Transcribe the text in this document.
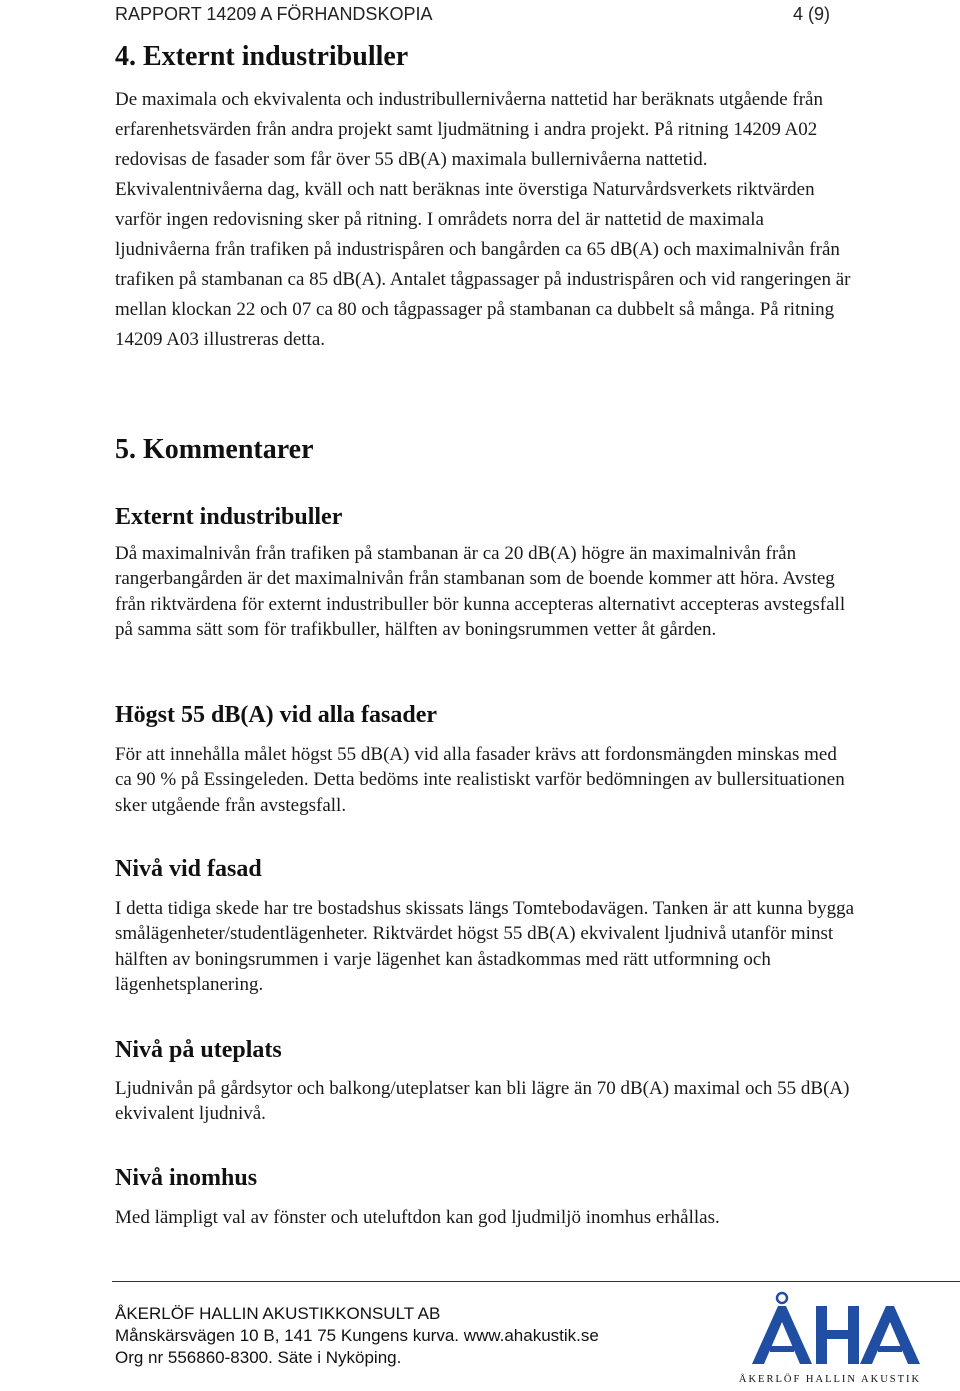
RAPPORT 14209 A FÖRHANDSKOPIA	4 (9)
4. Externt industribuller

De maximala och ekvivalenta och industribullernivåerna nattetid har beräknats utgående från erfarenhetsvärden från andra projekt samt ljudmätning i andra projekt. På ritning 14209 A02 redovisas de fasader som får över 55 dB(A) maximala bullernivåerna nattetid. Ekvivalentnivåerna dag, kväll och natt beräknas inte överstiga Naturvårdsverkets riktvärden varför ingen redovisning sker på ritning. I områdets norra del är nattetid de maximala ljudnivåerna från trafiken på industrispåren och bangården ca 65 dB(A) och maximalnivån från trafiken på stambanan ca 85 dB(A). Antalet tågpassager på industrispåren och vid rangeringen är mellan klockan 22 och 07 ca 80 och tågpassager på stambanan ca dubbelt så många. På ritning 14209 A03 illustreras detta.

5. Kommentarer
Externt industribuller

Då maximalnivån från trafiken på stambanan är ca 20 dB(A) högre än maximalnivån från rangerbangården är det maximalnivån från stambanan som de boende kommer att höra. Avsteg från riktvärdena för externt industribuller bör kunna accepteras alternativt accepteras avstegsfall på samma sätt som för trafikbuller, hälften av boningsrummen vetter åt gården.

Högst 55 dB(A) vid alla fasader

För att innehålla målet högst 55 dB(A) vid alla fasader krävs att fordonsmängden minskas med ca 90 % på Essingeleden. Detta bedöms inte realistiskt varför bedömningen av bullersituationen sker utgående från avstegsfall.

Nivå vid fasad

I detta tidiga skede har tre bostadshus skissats längs Tomtebodavägen. Tanken är att kunna bygga smålägenheter/studentlägenheter. Riktvärdet högst 55 dB(A) ekvivalent ljudnivå utanför minst hälften av boningsrummen i varje lägenhet kan åstadkommas med rätt utformning och lägenhetsplanering.

Nivå på uteplats

Ljudnivån på gårdsytor och balkong/uteplatser kan bli lägre än 70 dB(A) maximal och 55 dB(A) ekvivalent ljudnivå.

Nivå inomhus

Med lämpligt val av fönster och uteluftdon kan god ljudmiljö inomhus erhållas.

ÅKERLÖF HALLIN AKUSTIKKONSULT AB
Månskärsvägen 10 B, 141 75 Kungens kurva. www.ahakustik.se
Org nr 556860-8300. Säte i Nyköping.
ÅKERLÖF HALLIN AKUSTIK
